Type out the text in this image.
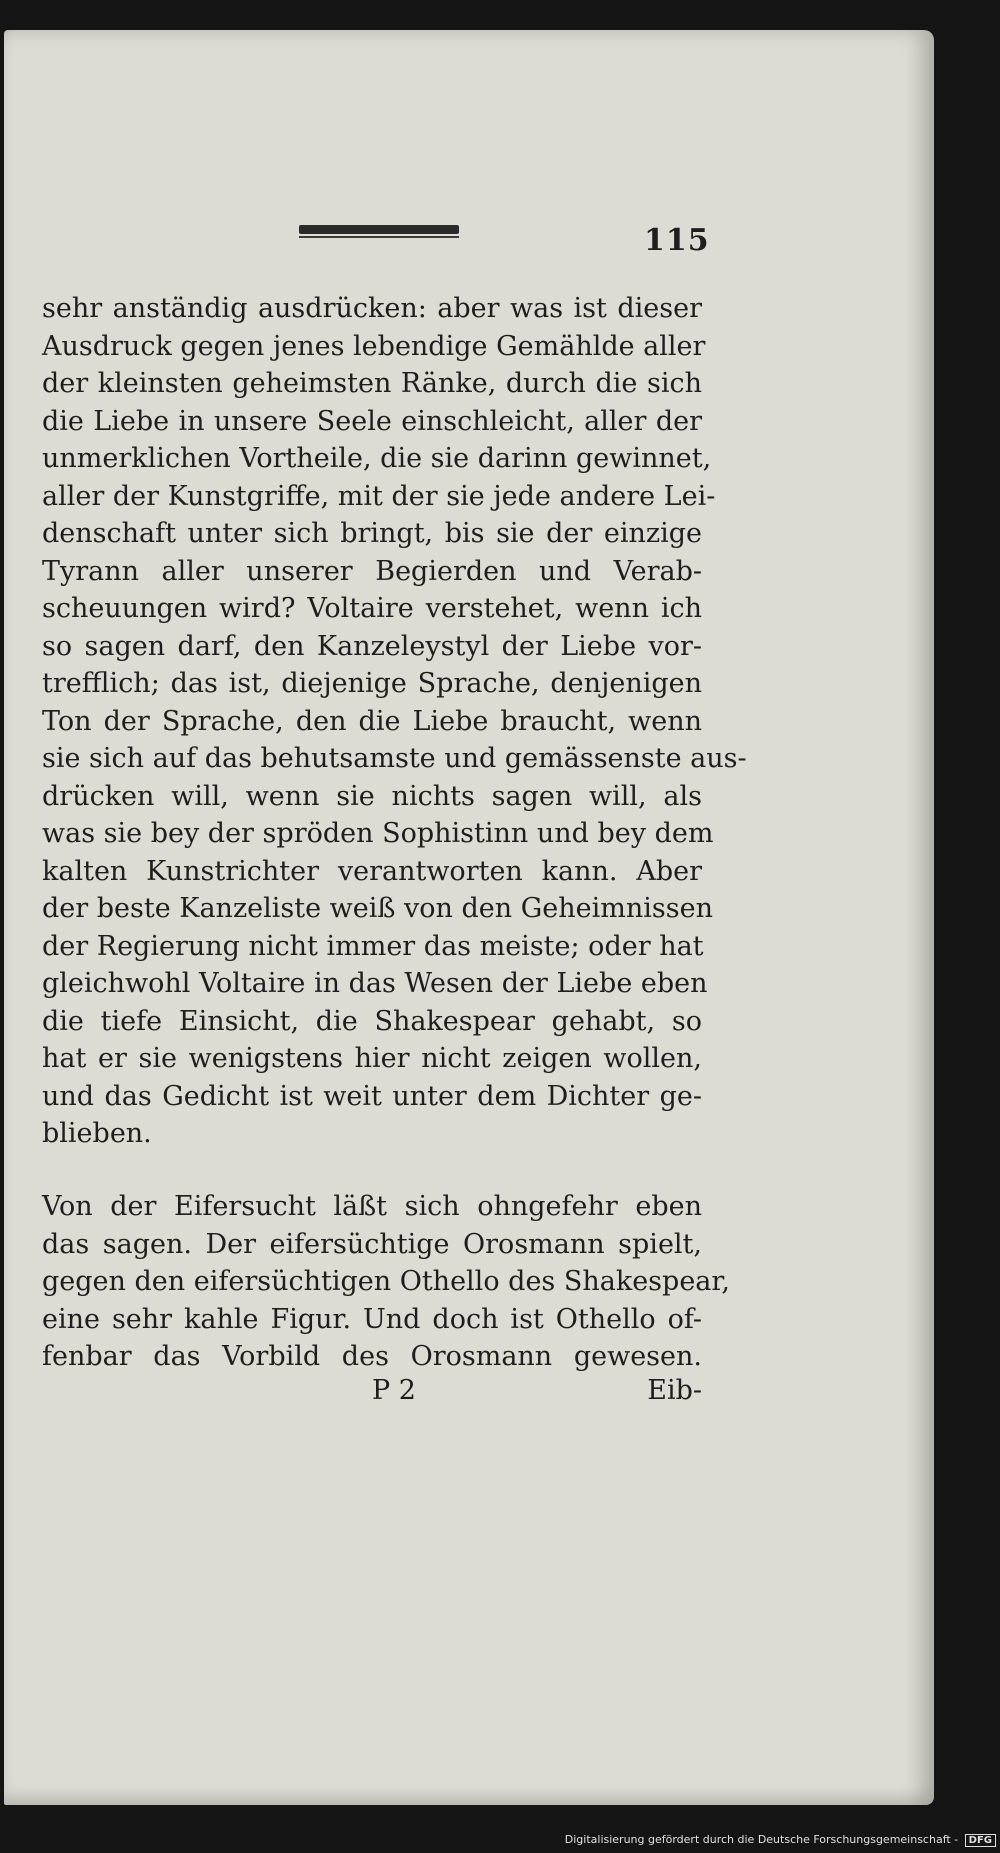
115
sehr anständig ausdrücken: aber was ist dieser
Ausdruck gegen jenes lebendige Gemählde aller
der kleinsten geheimsten Ränke, durch die sich
die Liebe in unsere Seele einschleicht, aller der
unmerklichen Vortheile, die sie darinn gewinnet,
aller der Kunstgriffe, mit der sie jede andere Lei-
denschaft unter sich bringt, bis sie der einzige
Tyrann aller unserer Begierden und Verab-
scheuungen wird? Voltaire verstehet, wenn ich
so sagen darf, den Kanzeleystyl der Liebe vor-
trefflich; das ist, diejenige Sprache, denjenigen
Ton der Sprache, den die Liebe braucht, wenn
sie sich auf das behutsamste und gemässenste aus-
drücken will, wenn sie nichts sagen will, als
was sie bey der spröden Sophistinn und bey dem
kalten Kunstrichter verantworten kann. Aber
der beste Kanzeliste weiß von den Geheimnissen
der Regierung nicht immer das meiste; oder hat
gleichwohl Voltaire in das Wesen der Liebe eben
die tiefe Einsicht, die Shakespear gehabt, so
hat er sie wenigstens hier nicht zeigen wollen,
und das Gedicht ist weit unter dem Dichter ge-
blieben.
Von der Eifersucht läßt sich ohngefehr eben
das sagen. Der eifersüchtige Orosmann spielt,
gegen den eifersüchtigen Othello des Shakespear,
eine sehr kahle Figur. Und doch ist Othello of-
fenbar das Vorbild des Orosmann gewesen.
P 2	Eib-
Digitalisierung gefördert durch die Deutsche Forschungsgemeinschaft - DFG
